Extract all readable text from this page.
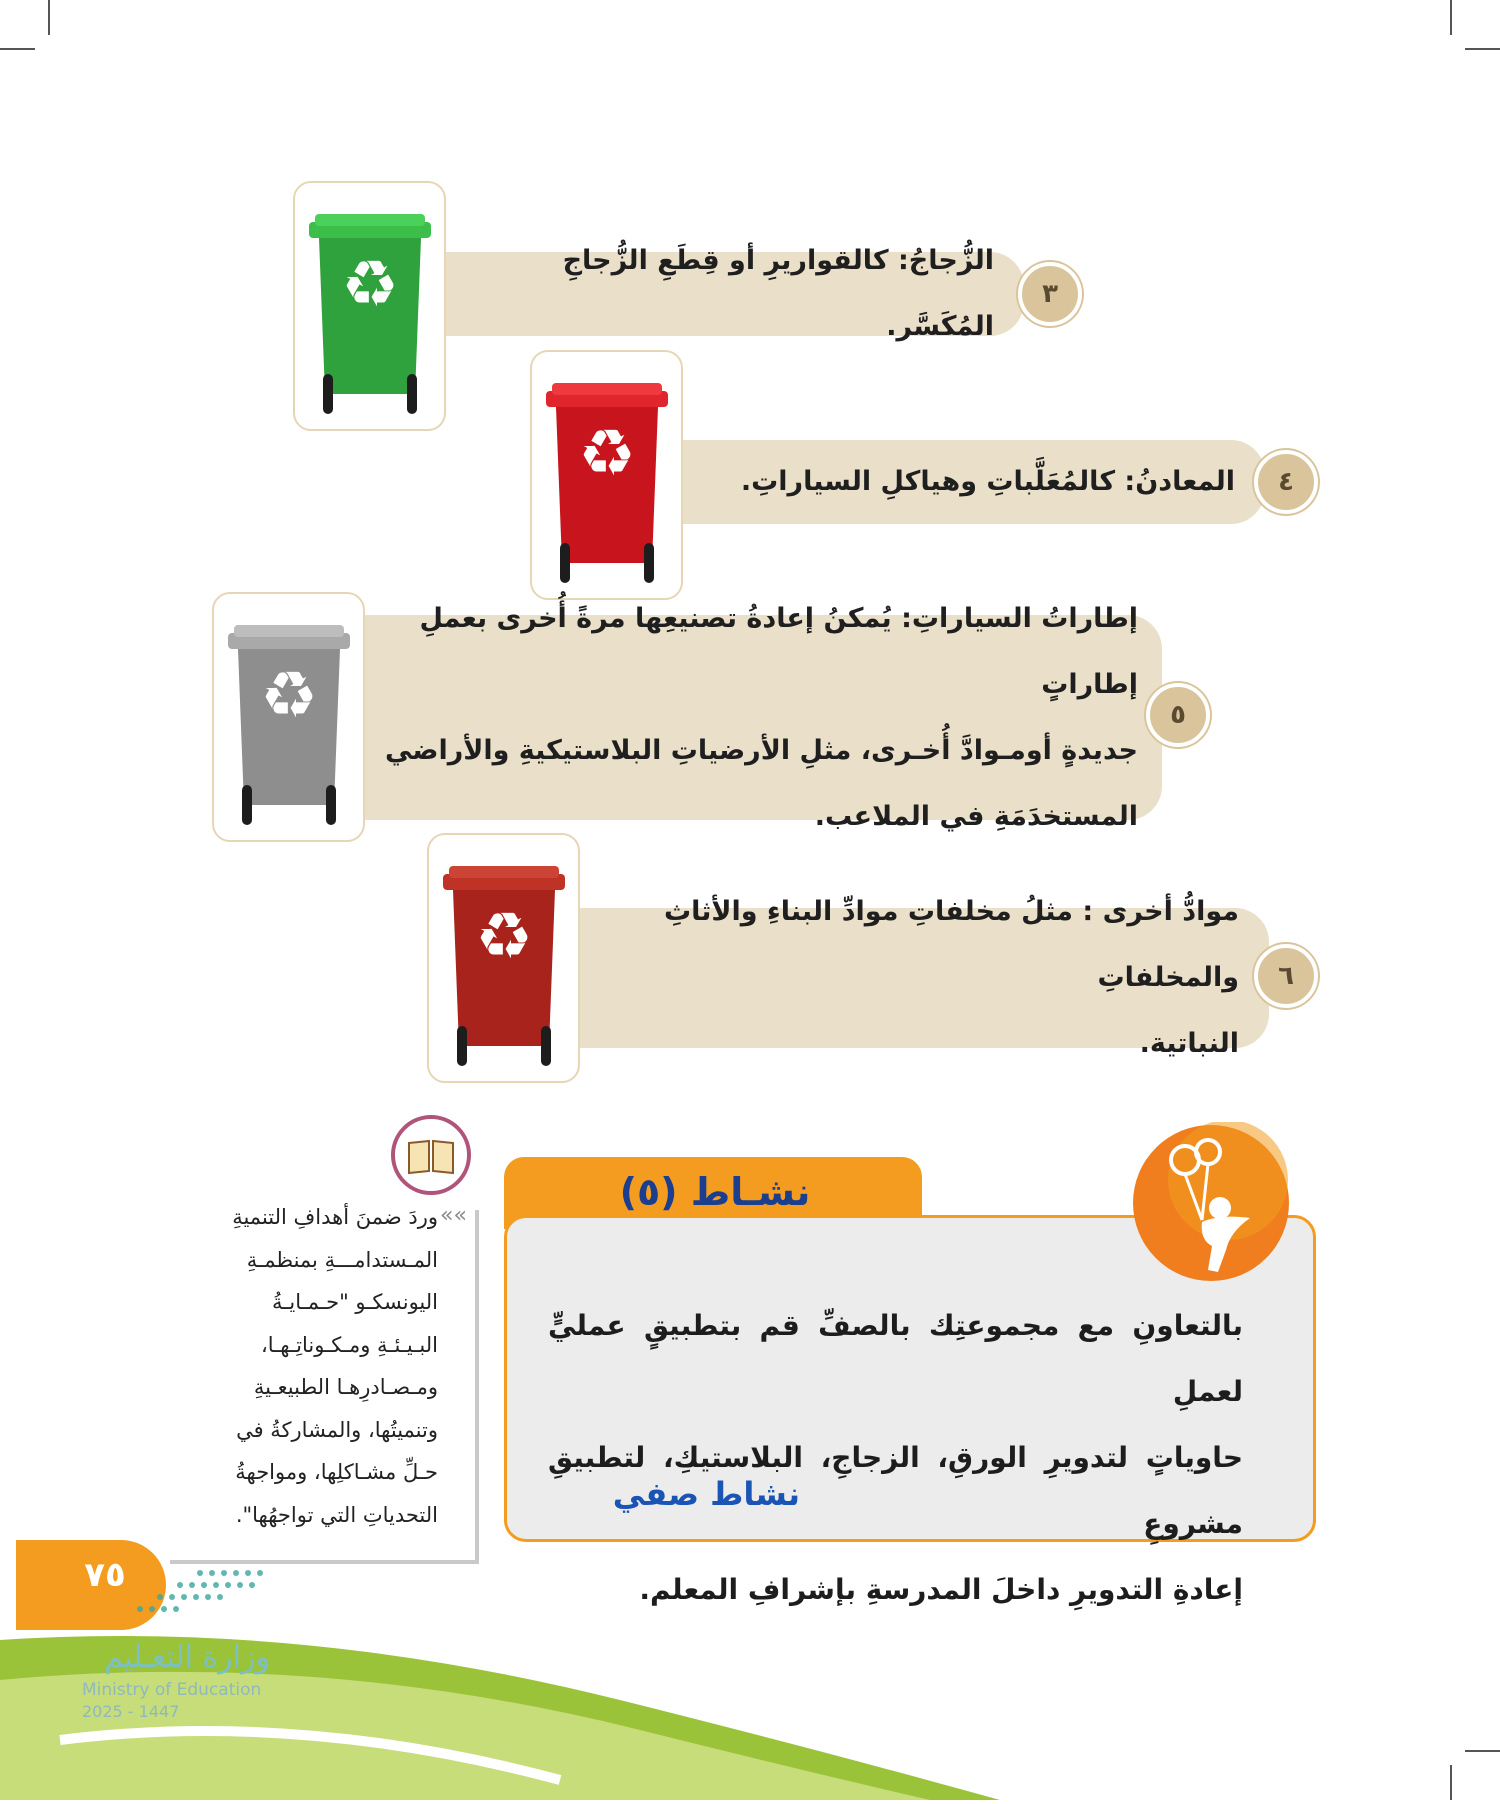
الزُّجاجُ: كالقواريرِ أو قِطَعِ الزُّجاجِ المُكَسَّر.
٣
♻
المعادنُ: كالمُعَلَّباتِ وهياكلِ السياراتِ.	٤
♻
إطاراتُ السياراتِ: يُمكنُ إعادةُ تصنيعِها مرةً أُخرى بعملِ إطاراتٍ
جديدةٍ أومـوادَّ أُخـرى، مثلِ الأرضياتِ البلاستيكيةِ والأراضي
المستخدَمَةِ في الملاعب.
٥
♻
موادُّ أخرى : مثلُ مخلفاتِ موادِّ البناءِ والأثاثِ والمخلفاتِ
النباتية.
٦
♻
نشـاط (٥)
بالتعاونِ مع مجموعتِك بالصفِّ قم بتطبيقٍ عمليٍّ لعملِ
حاوياتٍ لتدويرِ الورقِ، الزجاجِ، البلاستيكِ، لتطبيقِ مشروعِ
إعادةِ التدويرِ داخلَ المدرسةِ بإشرافِ المعلم.
نشاط صفي
»»
وردَ ضمنَ أهدافِ التنميةِ
المـستدامـــةِ بمنظمـةِ
اليونسكـو "حـمـايـةُ
البـيـئـةِ ومـكـوناتِـهـا،
ومـصـادرِهـا الطبيعـيةِ
وتنميتُها، والمشاركةُ في
حـلِّ مشـاكلِها، ومواجهةُ
التحدياتِ التي تواجهُها".
٧٥
وزارة التعـليم
Ministry of Education
2025 - 1447
